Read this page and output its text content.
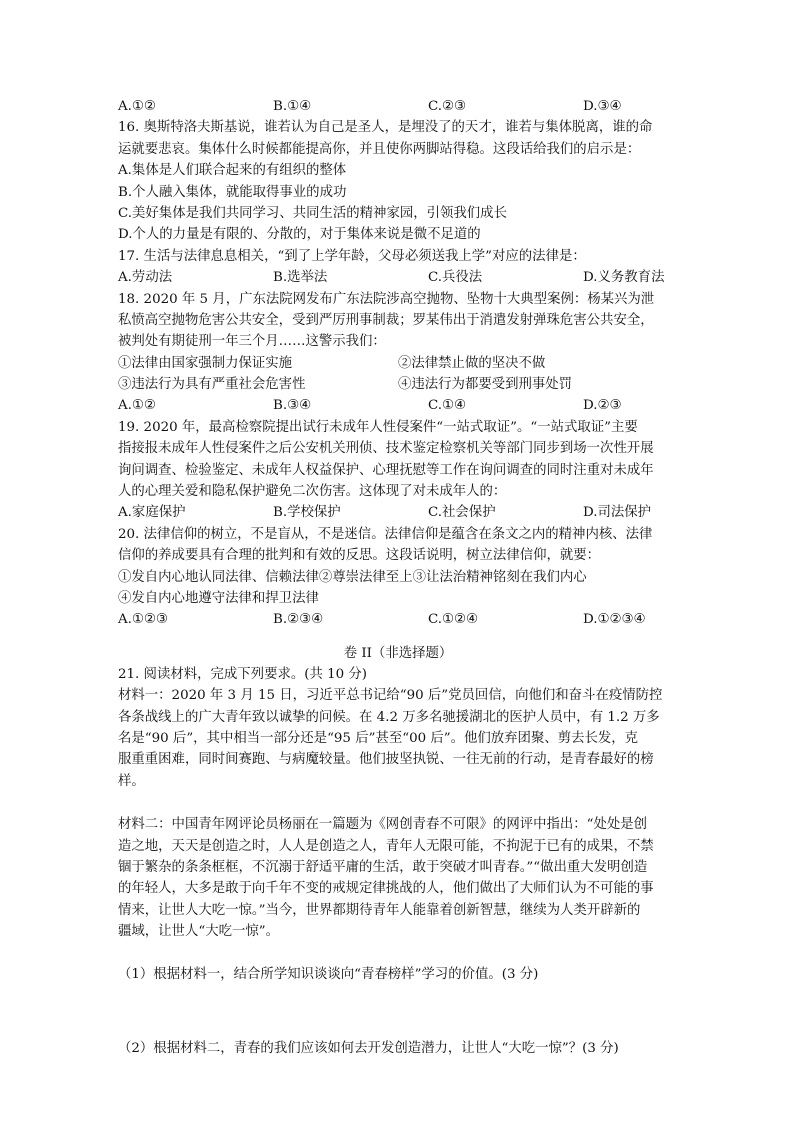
A.①②	B.①④	C.②③	D.③④
16. 奥斯特洛夫斯基说，谁若认为自己是圣人，是埋没了的天才，谁若与集体脱离，谁的命
运就要悲哀。集体什么时候都能提高你，并且使你两脚站得稳。这段话给我们的启示是：
A.集体是人们联合起来的有组织的整体
B.个人融入集体，就能取得事业的成功
C.美好集体是我们共同学习、共同生活的精神家园，引领我们成长
D.个人的力量是有限的、分散的，对于集体来说是微不足道的
17. 生活与法律息息相关，“到了上学年龄，父母必须送我上学”对应的法律是：
A.劳动法	B.选举法	C.兵役法	D.义务教育法
18. 2020 年 5 月，广东法院网发布广东法院涉高空抛物、坠物十大典型案例：杨某兴为泄
私愤高空抛物危害公共安全，受到严厉刑事制裁；罗某伟出于消遣发射弹珠危害公共安全，
被判处有期徒刑一年三个月……这警示我们：
①法律由国家强制力保证实施	②法律禁止做的坚决不做
③违法行为具有严重社会危害性	④违法行为都要受到刑事处罚
A.①②	B.③④	C.①④	D.②③
19. 2020 年，最高检察院提出试行未成年人性侵案件“一站式取证”。“一站式取证”主要
指接报未成年人性侵案件之后公安机关刑侦、技术鉴定检察机关等部门同步到场一次性开展
询问调查、检验鉴定、未成年人权益保护、心理抚慰等工作在询问调查的同时注重对未成年
人的心理关爱和隐私保护避免二次伤害。这体现了对未成年人的：
A.家庭保护	B.学校保护	C.社会保护	D.司法保护
20. 法律信仰的树立，不是盲从，不是迷信。法律信仰是蕴含在条文之内的精神内核、法律
信仰的养成要具有合理的批判和有效的反思。这段话说明，树立法律信仰，就要：
①发自内心地认同法律、信赖法律②尊崇法律至上③让法治精神铭刻在我们内心
④发自内心地遵守法律和捍卫法律
A.①②③	B.②③④	C.①②④	D.①②③④
卷 II（非选择题）
21. 阅读材料，完成下列要求。(共 10 分)
材料一：2020 年 3 月 15 日，习近平总书记给“90 后”党员回信，向他们和奋斗在疫情防控
各条战线上的广大青年致以诚挚的问候。在 4.2 万多名驰援湖北的医护人员中，有 1.2 万多
名是“90 后”，其中相当一部分还是“95 后”甚至“00 后”。他们放弃团聚、剪去长发，克
服重重困难，同时间赛跑、与病魔较量。他们披坚执锐、一往无前的行动，是青春最好的榜
样。
材料二：中国青年网评论员杨丽在一篇题为《网创青春不可限》的网评中指出：“处处是创
造之地，天天是创造之时，人人是创造之人，青年人无限可能，不拘泥于已有的成果，不禁
锢于繁杂的条条框框，不沉溺于舒适平庸的生活，敢于突破才叫青春。”“做出重大发明创造
的年轻人，大多是敢于向千年不变的戒规定律挑战的人，他们做出了大师们认为不可能的事
情来，让世人大吃一惊。”当今，世界都期待青年人能靠着创新智慧，继续为人类开辟新的
疆域，让世人“大吃一惊”。
（1）根据材料一，结合所学知识谈谈向“青春榜样”学习的价值。(3 分)
（2）根据材料二，青春的我们应该如何去开发创造潜力，让世人“大吃一惊”？(3 分)
